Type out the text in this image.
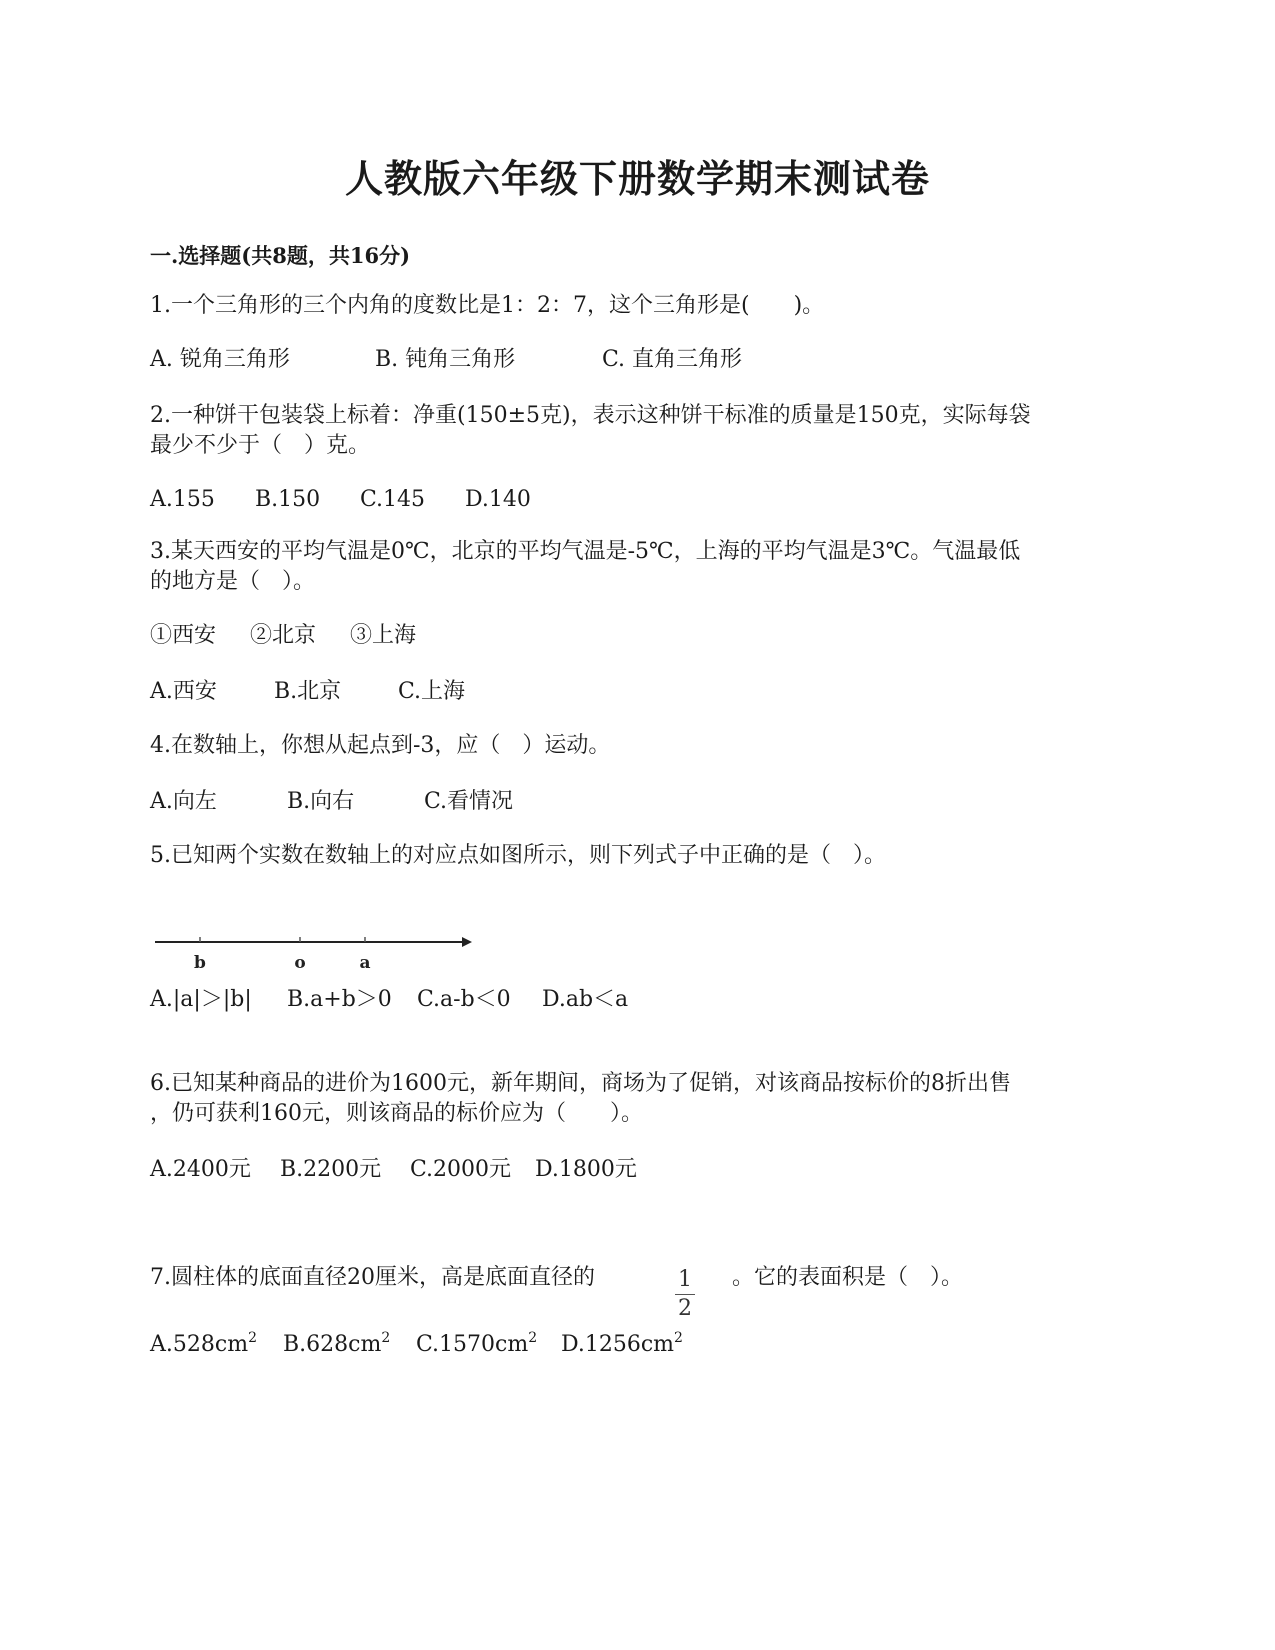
人教版六年级下册数学期末测试卷
一.选择题(共8题，共16分)
1.一个三角形的三个内角的度数比是1：2：7，这个三角形是(　　)。
A. 锐角三角形	B. 钝角三角形	C. 直角三角形
2.一种饼干包装袋上标着：净重(150±5克)，表示这种饼干标准的质量是150克，实际每袋
最少不少于（　）克。
A.155 B.150 C.145 D.140
3.某天西安的平均气温是0℃，北京的平均气温是-5℃，上海的平均气温是3℃。气温最低
的地方是（　）。
①西安 ②北京 ③上海
A.西安	B.北京	C.上海
4.在数轴上，你想从起点到-3，应（　）运动。
A.向左	B.向右	C.看情况
5.已知两个实数在数轴上的对应点如图所示，则下列式子中正确的是（　）。
b	o	a
A.|a|＞|b| B.a+b＞0 C.a-b＜0 D.ab＜a
6.已知某种商品的进价为1600元，新年期间，商场为了促销，对该商品按标价的8折出售
，仍可获利160元，则该商品的标价应为（　　）。
A.2400元 B.2200元 C.2000元 D.1800元
1
2
7.圆柱体的底面直径20厘米，高是底面直径的	。它的表面积是（　）。
A.528cm2 B.628cm2 C.1570cm2 D.1256cm2
